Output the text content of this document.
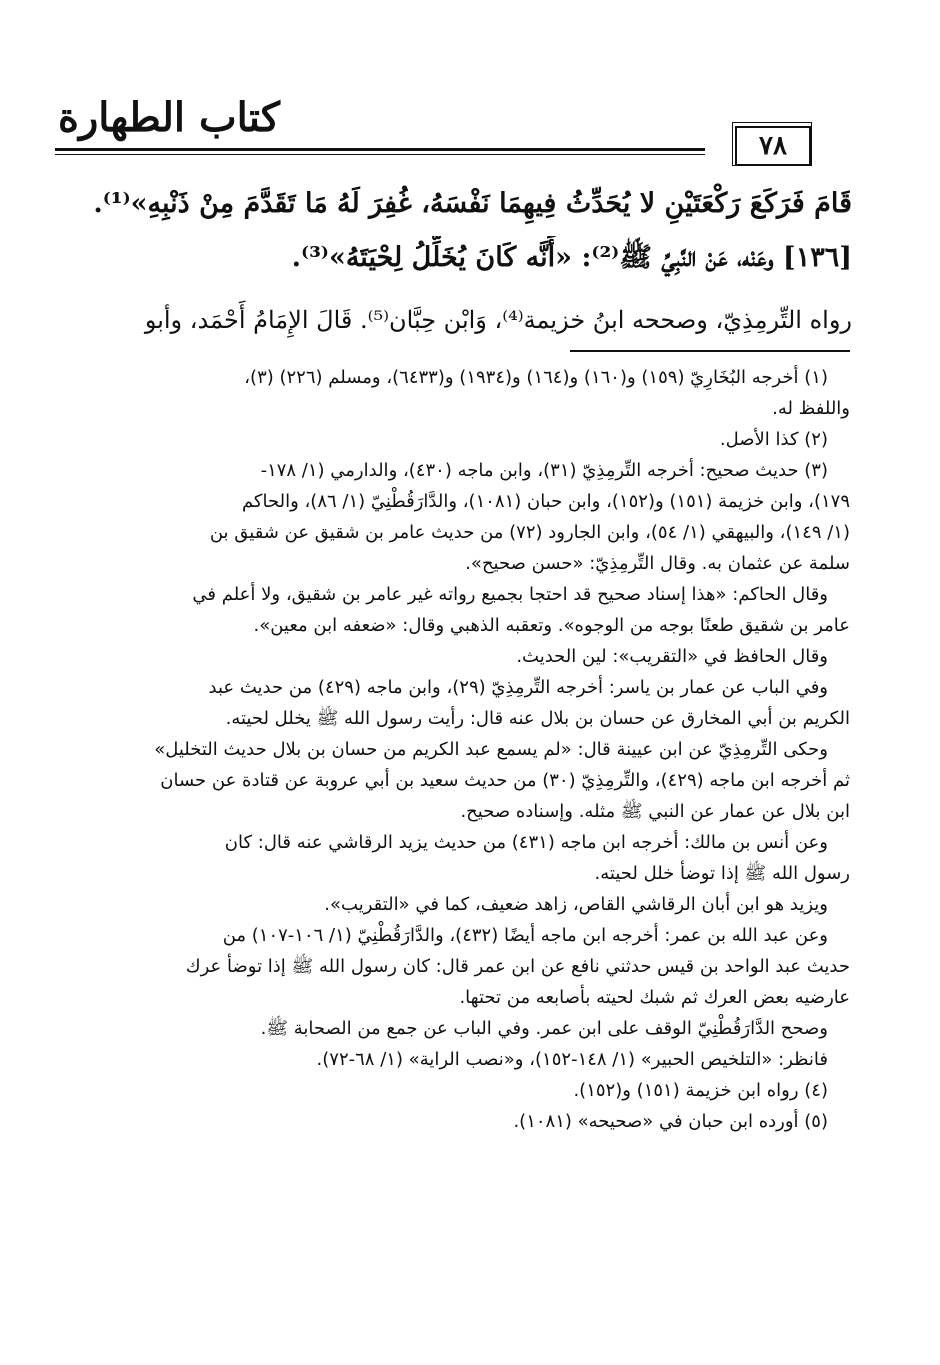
كتاب الطهارة
٧٨
قَامَ فَرَكَعَ رَكْعَتَيْنِ لا يُحَدِّثُ فِيهِمَا نَفْسَهُ، غُفِرَ لَهُ مَا تَقَدَّمَ مِنْ ذَنْبِهِ»⁽¹⁾.
[١٣٦] وعَنْه، عَنْ النَّبِيِّ ﷺ⁽²⁾: «أَنَّه كَانَ يُخَلِّلُ لِحْيَتَهُ»⁽³⁾.
رواه التِّرمِذِيّ، وصححه ابنُ خزيمة⁽⁴⁾، وَابْن حِبَّان⁽⁵⁾. قَالَ الإِمَامُ أَحْمَد، وأبو
(١) أخرجه البُخَارِيّ (١٥٩) و(١٦٠) و(١٦٤) و(١٩٣٤) و(٦٤٣٣)، ومسلم (٢٢٦) (٣)،
واللفظ له.
(٢) كذا الأصل.
(٣) حديث صحيح: أخرجه التِّرمِذِيّ (٣١)، وابن ماجه (٤٣٠)، والدارمي (١/ ١٧٨-
١٧٩)، وابن خزيمة (١٥١) و(١٥٢)، وابن حبان (١٠٨١)، والدَّارَقُطْنِيّ (١/ ٨٦)، والحاكم
(١/ ١٤٩)، والبيهقي (١/ ٥٤)، وابن الجارود (٧٢) من حديث عامر بن شقيق عن شقيق بن
سلمة عن عثمان به. وقال التِّرمِذِيّ: «حسن صحيح».
وقال الحاكم: «هذا إسناد صحيح قد احتجا بجميع رواته غير عامر بن شقيق، ولا أعلم في
عامر بن شقيق طعنًا بوجه من الوجوه». وتعقبه الذهبي وقال: «ضعفه ابن معين».
وقال الحافظ في «التقريب»: لين الحديث.
وفي الباب عن عمار بن ياسر: أخرجه التِّرمِذِيّ (٢٩)، وابن ماجه (٤٢٩) من حديث عبد
الكريم بن أبي المخارق عن حسان بن بلال عنه قال: رأيت رسول الله ﷺ يخلل لحيته.
وحكى التِّرمِذِيّ عن ابن عيينة قال: «لم يسمع عبد الكريم من حسان بن بلال حديث التخليل»
ثم أخرجه ابن ماجه (٤٢٩)، والتِّرمِذِيّ (٣٠) من حديث سعيد بن أبي عروبة عن قتادة عن حسان
ابن بلال عن عمار عن النبي ﷺ مثله. وإسناده صحيح.
وعن أنس بن مالك: أخرجه ابن ماجه (٤٣١) من حديث يزيد الرقاشي عنه قال: كان
رسول الله ﷺ إذا توضأ خلل لحيته.
ويزيد هو ابن أبان الرقاشي القاص، زاهد ضعيف، كما في «التقريب».
وعن عبد الله بن عمر: أخرجه ابن ماجه أيضًا (٤٣٢)، والدَّارَقُطْنِيّ (١/ ١٠٦-١٠٧) من
حديث عبد الواحد بن قيس حدثني نافع عن ابن عمر قال: كان رسول الله ﷺ إذا توضأ عرك
عارضيه بعض العرك ثم شبك لحيته بأصابعه من تحتها.
وصحح الدَّارَقُطْنِيّ الوقف على ابن عمر. وفي الباب عن جمع من الصحابة ﷺ.
فانظر: «التلخيص الحبير» (١/ ١٤٨-١٥٢)، و«نصب الراية» (١/ ٦٨-٧٢).
(٤) رواه ابن خزيمة (١٥١) و(١٥٢).
(٥) أورده ابن حبان في «صحيحه» (١٠٨١).
